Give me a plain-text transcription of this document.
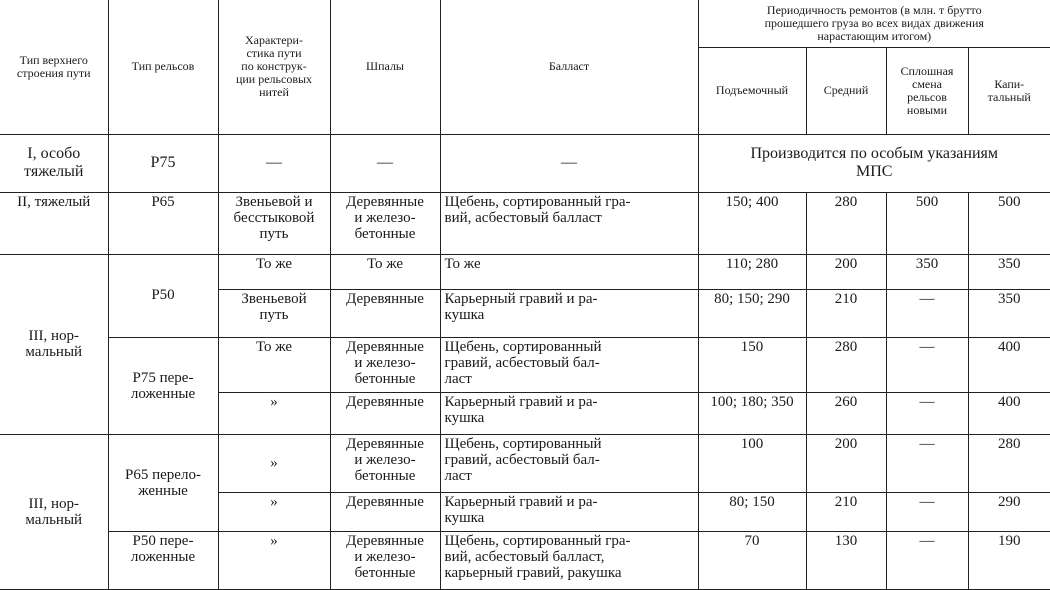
Тип верхнего
строения пути	Тип рельсов	Характери-
стика пути
по конструк-
ции рельсовых
нитей	Шпалы	Балласт	Периодичность ремонтов (в млн. т брутто
прошедшего груза во всех видах движения
нарастающим итогом)			

					Подъемочный	Средний	Сплошная
смена
рельсов
новыми	Капи-
тальный

I, особо
тяжелый	Р75	—	—	—	Производится по особым указаниям
МПС			

II, тяжелый	Р65	Звеньевой и
бесстыковой
путь	Деревянные
и железо-
бетонные	Щебень, сортированный гра-
вий, асбестовый балласт	150; 400	280	500	500

III, нор-
мальный	Р50	То же	То же	То же	110; 280	200	350	350

		Звеньевой
путь	Деревянные	Карьерный гравий и ра-
кушка	80; 150; 290	210	—	350

	Р75 пере-
ложенные	То же	Деревянные
и железо-
бетонные	Щебень, сортированный
гравий, асбестовый бал-
ласт	150	280	—	400

		»	Деревянные	Карьерный гравий и ра-
кушка	100; 180; 350	260	—	400

III, нор-
мальный	Р65 перело-
женные	»	Деревянные
и железо-
бетонные	Щебень, сортированный
гравий, асбестовый бал-
ласт	100	200	—	280

		»	Деревянные	Карьерный гравий и ра-
кушка	80; 150	210	—	290

	Р50 пере-
ложенные	»	Деревянные
и железо-
бетонные	Щебень, сортированный гра-
вий, асбестовый балласт,
карьерный гравий, ракушка	70	130	—	190
